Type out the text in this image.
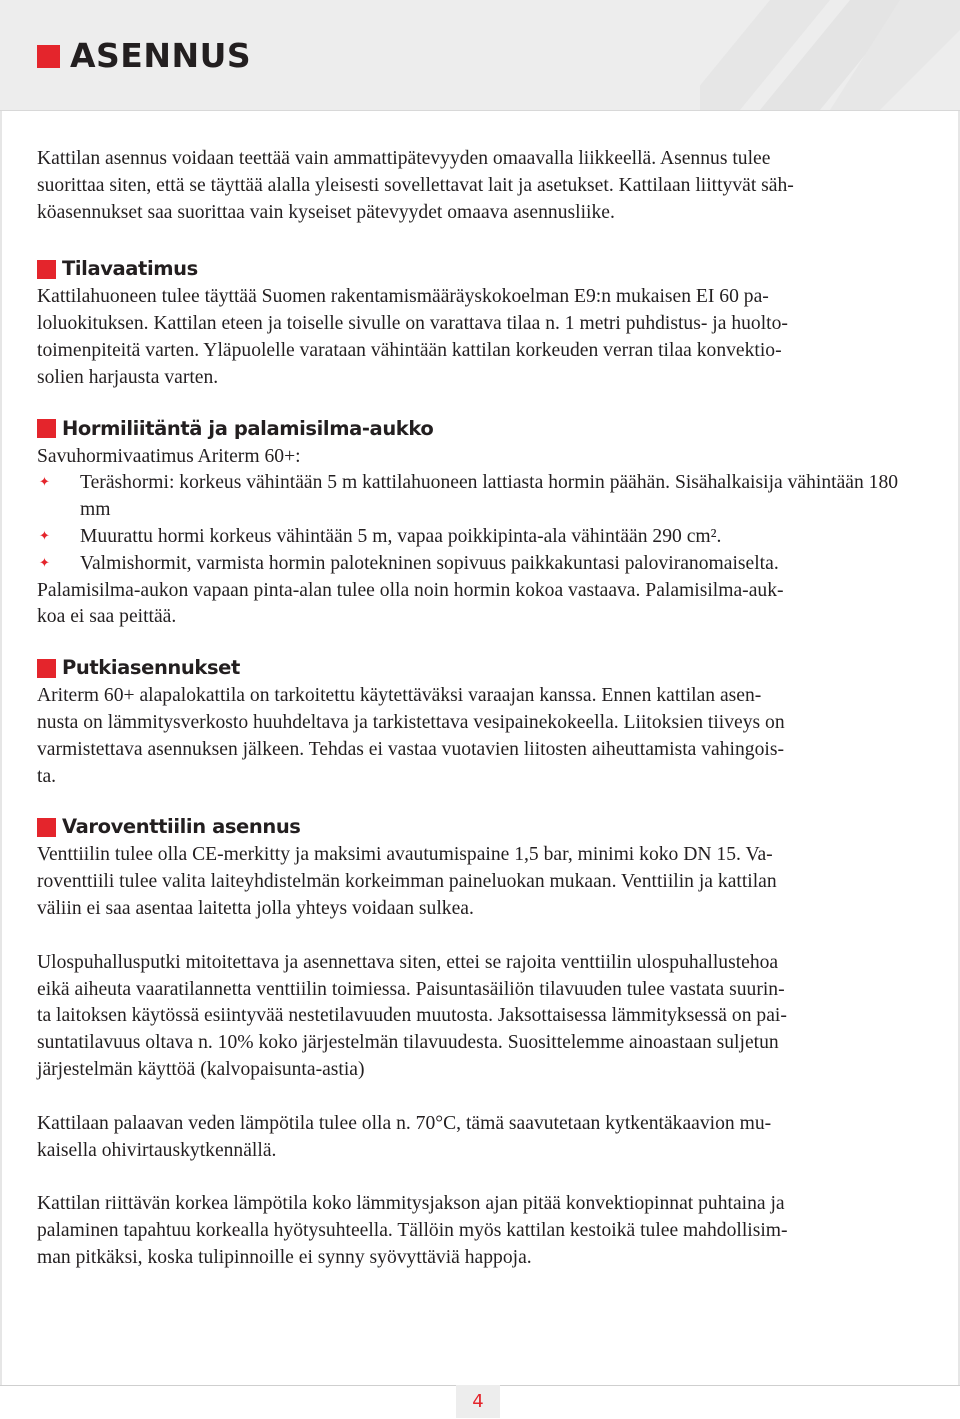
ASENNUS

Kattilan asennus voidaan teettää vain ammattipätevyyden omaavalla liikkeellä. Asennus tulee
suorittaa siten, että se täyttää alalla yleisesti sovellettavat lait ja asetukset. Kattilaan liittyvät säh-
köasennukset saa suorittaa vain kyseiset pätevyydet omaava asennusliike.

Tilavaatimus

Kattilahuoneen tulee täyttää Suomen rakentamismääräyskokoelman E9:n mukaisen EI 60 pa-
loluokituksen. Kattilan eteen ja toiselle sivulle on varattava tilaa n. 1 metri puhdistus- ja huolto-
toimenpiteitä varten. Yläpuolelle varataan vähintään kattilan korkeuden verran tilaa konvektio-
solien harjausta varten.

Hormiliitäntä ja palamisilma-aukko

Savuhormivaatimus Ariterm 60+:

✦ Teräshormi: korkeus vähintään 5 m kattilahuoneen lattiasta hormin päähän. Sisähalkaisija vähintään 180 mm
✦ Muurattu hormi korkeus vähintään 5 m, vapaa poikkipinta-ala vähintään 290 cm².
✦ Valmishormit, varmista hormin palotekninen sopivuus paikkakuntasi paloviranomaiselta.

Palamisilma-aukon vapaan pinta-alan tulee olla noin hormin kokoa vastaava. Palamisilma-auk-
koa ei saa peittää.

Putkiasennukset

Ariterm 60+ alapalokattila on tarkoitettu käytettäväksi varaajan kanssa. Ennen kattilan asen-
nusta on lämmitysverkosto huuhdeltava ja tarkistettava vesipainekokeella. Liitoksien tiiveys on
varmistettava asennuksen jälkeen. Tehdas ei vastaa vuotavien liitosten aiheuttamista vahingois-
ta.

Varoventtiilin asennus

Venttiilin tulee olla CE-merkitty ja maksimi avautumispaine 1,5 bar, minimi koko DN 15. Va-
roventtiili tulee valita laiteyhdistelmän korkeimman paineluokan mukaan. Venttiilin ja kattilan
väliin ei saa asentaa laitetta jolla yhteys voidaan sulkea.

Ulospuhallusputki mitoitettava ja asennettava siten, ettei se rajoita venttiilin ulospuhallustehoa
eikä aiheuta vaaratilannetta venttiilin toimiessa. Paisuntasäiliön tilavuuden tulee vastata suurin-
ta laitoksen käytössä esiintyvää nestetilavuuden muutosta. Jaksottaisessa lämmityksessä on pai-
suntatilavuus oltava n. 10% koko järjestelmän tilavuudesta. Suosittelemme ainoastaan suljetun
järjestelmän käyttöä (kalvopaisunta-astia)

Kattilaan palaavan veden lämpötila tulee olla n. 70°C, tämä saavutetaan kytkentäkaavion mu-
kaisella ohivirtauskytkennällä.

Kattilan riittävän korkea lämpötila koko lämmitysjakson ajan pitää konvektiopinnat puhtaina ja
palaminen tapahtuu korkealla hyötysuhteella. Tällöin myös kattilan kestoikä tulee mahdollisim-
man pitkäksi, koska tulipinnoille ei synny syövyttäviä happoja.

4
